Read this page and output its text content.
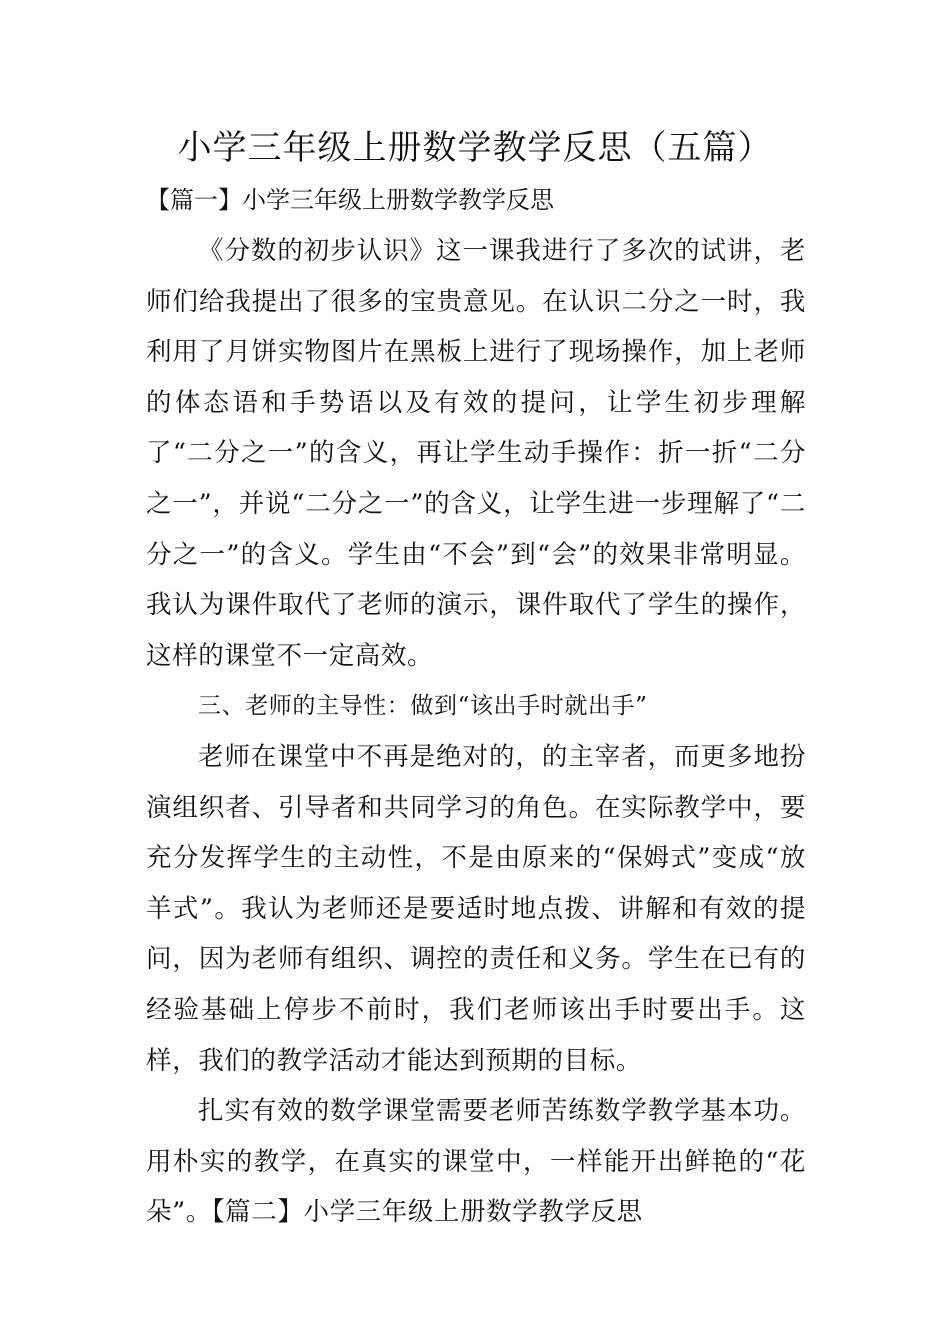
小学三年级上册数学教学反思（五篇）
【篇一】小学三年级上册数学教学反思

《分数的初步认识》这一课我进行了多次的试讲，老师们给我提出了很多的宝贵意见。在认识二分之一时，我利用了月饼实物图片在黑板上进行了现场操作，加上老师的体态语和手势语以及有效的提问，让学生初步理解了“二分之一”的含义，再让学生动手操作：折一折“二分之一”，并说“二分之一”的含义，让学生进一步理解了“二分之一”的含义。学生由“不会”到“会”的效果非常明显。我认为课件取代了老师的演示，课件取代了学生的操作，这样的课堂不一定高效。

三、老师的主导性：做到“该出手时就出手”

老师在课堂中不再是绝对的，的主宰者，而更多地扮演组织者、引导者和共同学习的角色。在实际教学中，要充分发挥学生的主动性，不是由原来的“保姆式”变成“放羊式”。我认为老师还是要适时地点拨、讲解和有效的提问，因为老师有组织、调控的责任和义务。学生在已有的经验基础上停步不前时，我们老师该出手时要出手。这样，我们的教学活动才能达到预期的目标。

扎实有效的数学课堂需要老师苦练数学教学基本功。用朴实的教学，在真实的课堂中，一样能开出鲜艳的“花朵”。【篇二】小学三年级上册数学教学反思
